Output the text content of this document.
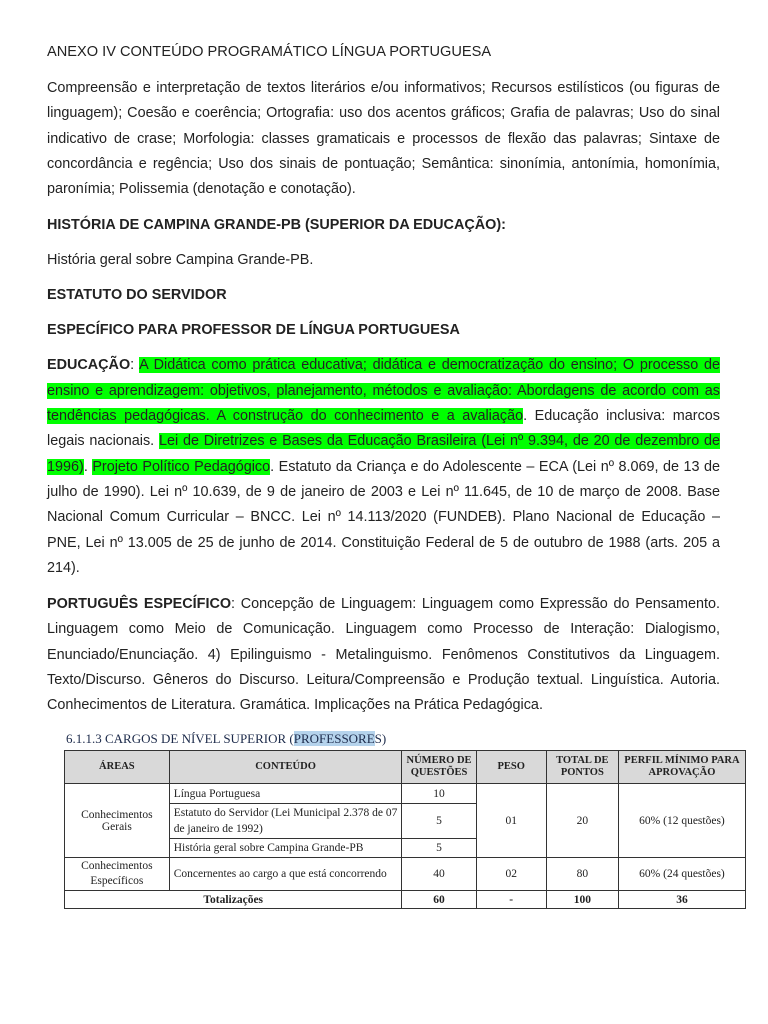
ANEXO IV CONTEÚDO PROGRAMÁTICO LÍNGUA PORTUGUESA

Compreensão e interpretação de textos literários e/ou informativos; Recursos estilísticos (ou figuras de linguagem); Coesão e coerência; Ortografia: uso dos acentos gráficos; Grafia de palavras; Uso do sinal indicativo de crase; Morfologia: classes gramaticais e processos de flexão das palavras; Sintaxe de concordância e regência; Uso dos sinais de pontuação; Semântica: sinonímia, antonímia, homonímia, paronímia; Polissemia (denotação e conotação).

HISTÓRIA DE CAMPINA GRANDE-PB (SUPERIOR DA EDUCAÇÃO):
História geral sobre Campina Grande-PB.
ESTATUTO DO SERVIDOR
ESPECÍFICO PARA PROFESSOR DE LÍNGUA PORTUGUESA

EDUCAÇÃO: A Didática como prática educativa; didática e democratização do ensino; O processo de ensino e aprendizagem: objetivos, planejamento, métodos e avaliação: Abordagens de acordo com as tendências pedagógicas. A construção do conhecimento e a avaliação. Educação inclusiva: marcos legais nacionais. Lei de Diretrizes e Bases da Educação Brasileira (Lei nº 9.394, de 20 de dezembro de 1996). Projeto Político Pedagógico. Estatuto da Criança e do Adolescente – ECA (Lei nº 8.069, de 13 de julho de 1990). Lei nº 10.639, de 9 de janeiro de 2003 e Lei nº 11.645, de 10 de março de 2008. Base Nacional Comum Curricular – BNCC. Lei nº 14.113/2020 (FUNDEB). Plano Nacional de Educação – PNE, Lei nº 13.005 de 25 de junho de 2014. Constituição Federal de 5 de outubro de 1988 (arts. 205 a 214).

PORTUGUÊS ESPECÍFICO: Concepção de Linguagem: Linguagem como Expressão do Pensamento. Linguagem como Meio de Comunicação. Linguagem como Processo de Interação: Dialogismo, Enunciado/Enunciação. 4) Epilinguismo - Metalinguismo. Fenômenos Constitutivos da Linguagem. Texto/Discurso. Gêneros do Discurso. Leitura/Compreensão e Produção textual. Linguística. Autoria. Conhecimentos de Literatura. Gramática. Implicações na Prática Pedagógica.

6.1.1.3 CARGOS DE NÍVEL SUPERIOR (PROFESSORES)
ÁREAS	CONTEÚDO	NÚMERO DE QUESTÕES	PESO	TOTAL DE PONTOS	PERFIL MÍNIMO PARA APROVAÇÃO
Conhecimentos Gerais	Língua Portuguesa	10	01	20	60% (12 questões)
	Estatuto do Servidor (Lei Municipal 2.378 de 07 de janeiro de 1992)	5			
	História geral sobre Campina Grande-PB	5			
Conhecimentos Específicos	Concernentes ao cargo a que está concorrendo	40	02	80	60% (24 questões)
Totalizações		60	-	100	36
